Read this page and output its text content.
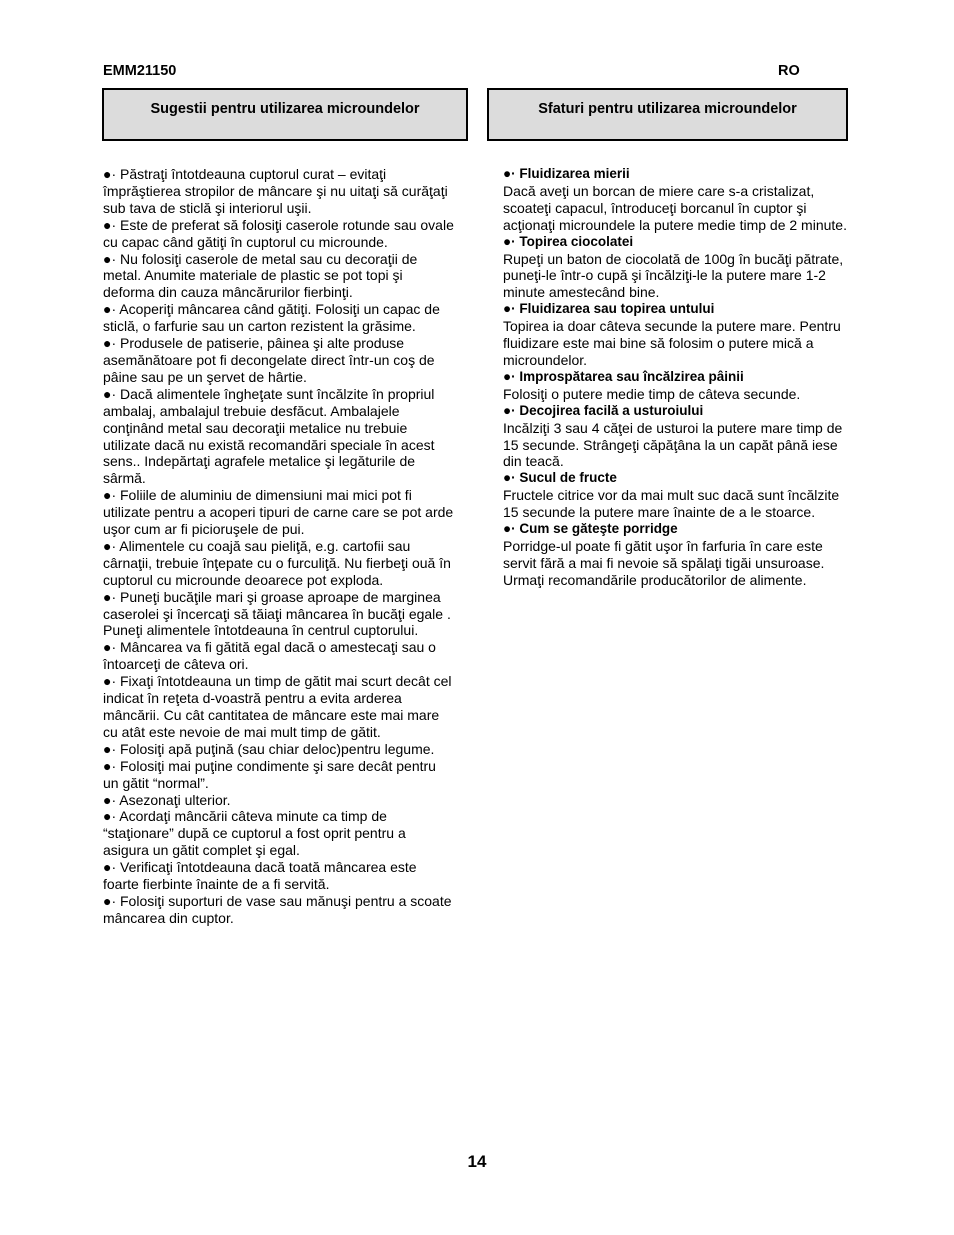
EMM21150	RO
Sugestii pentru utilizarea microundelor	Sfaturi pentru utilizarea microundelor

●· Păstraţi întotdeauna cuptorul curat – evitaţi împrăştierea stropilor de mâncare şi nu uitaţi să curăţaţi sub tava de sticlă şi interiorul uşii.

●· Este de preferat să folosiţi caserole rotunde sau ovale cu capac când gătiţi în cuptorul cu microunde.

●· Nu folosiţi caserole de metal sau cu decoraţii de metal. Anumite materiale de plastic se pot topi şi deforma din cauza mâncărurilor fierbinţi.

●· Acoperiţi mâncarea când gătiţi. Folosiţi un capac de sticlă, o farfurie sau un carton rezistent la grăsime.

●· Produsele de patiserie, pâinea şi alte produse asemănătoare pot fi decongelate direct într-un coş de pâine sau pe un şervet de hârtie.

●· Dacă alimentele îngheţate sunt încălzite în propriul ambalaj, ambalajul trebuie desfăcut. Ambalajele conţinând metal sau decoraţii metalice nu trebuie utilizate dacă nu există recomandări speciale în acest sens.. Indepărtaţi agrafele metalice şi legăturile de sârmă.

●· Foliile de aluminiu de dimensiuni mai mici pot fi utilizate pentru a acoperi tipuri de carne care se pot arde uşor cum ar fi picioruşele de pui.

●· Alimentele cu coajă sau pieliţă, e.g. cartofii sau cârnaţii, trebuie înţepate cu o furculiţă. Nu fierbeţi ouă în cuptorul cu microunde deoarece pot exploda.

●· Puneţi bucăţile mari şi groase aproape de marginea caserolei şi încercaţi să tăiaţi mâncarea în bucăţi egale . Puneţi alimentele întotdeauna în centrul cuptorului.

●· Mâncarea va fi gătită egal dacă o amestecaţi sau o întoarceţi de câteva ori.

●· Fixaţi întotdeauna un timp de gătit mai scurt decât cel indicat în reţeta d-voastră pentru a evita arderea mâncării. Cu cât cantitatea de mâncare este mai mare cu atât este nevoie de mai mult timp de gătit.

●· Folosiţi apă puţină (sau chiar deloc)pentru legume.

●· Folosiţi mai puţine condimente şi sare decât pentru un gătit “normal”.

●· Asezonaţi ulterior.

●· Acordaţi mâncării câteva minute ca timp de “staţionare” după ce cuptorul a fost oprit pentru a asigura un gătit complet şi egal.

●· Verificaţi întotdeauna dacă toată mâncarea este foarte fierbinte înainte de a fi servită.

●· Folosiţi suporturi de vase sau mănuşi pentru a scoate mâncarea din cuptor.

●· Fluidizarea mierii

Dacă aveţi un borcan de miere care s-a cristalizat, scoateţi capacul, întroduceţi borcanul în cuptor şi acţionaţi microundele la putere medie timp de 2 minute.

●· Topirea ciocolatei

Rupeţi un baton de ciocolată de 100g în bucăţi pătrate, puneţi-le într-o cupă şi încălziţi-le la putere mare 1-2 minute amestecând bine.

●· Fluidizarea sau topirea untului

Topirea ia doar câteva secunde la putere mare. Pentru fluidizare este mai bine să folosim o putere mică a microundelor.

●· Improspătarea sau încălzirea pâinii

Folosiţi o putere medie timp de câteva secunde.

●· Decojirea facilă a usturoiului

Incălziţi 3 sau 4 căţei de usturoi la putere mare timp de 15 secunde. Strângeţi căpăţâna la un capăt până iese din teacă.

●· Sucul de fructe

Fructele citrice vor da mai mult suc dacă sunt încălzite 15 secunde la putere mare înainte de a le stoarce.

●· Cum se găteşte porridge

Porridge-ul poate fi gătit uşor în farfuria în care este servit fără a mai fi nevoie să spălaţi tigăi unsuroase. Urmaţi recomandările producătorilor de alimente.

14
